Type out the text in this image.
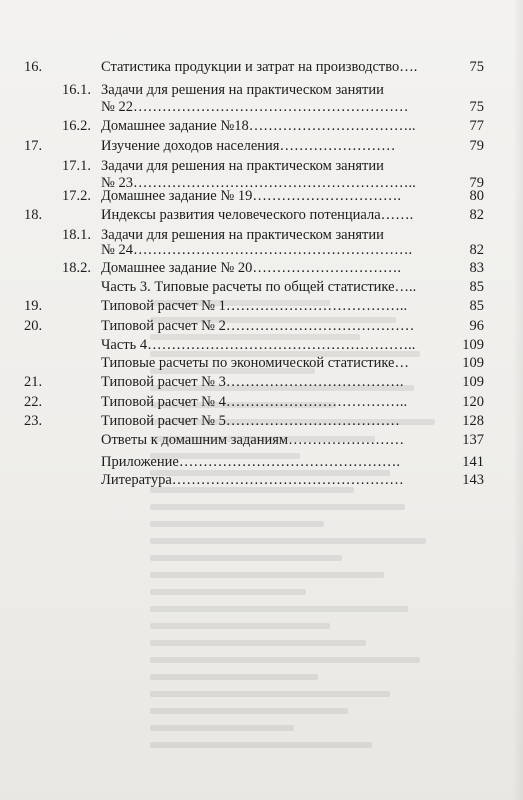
16.	Статистика продукции и затрат на производство….	75
16.1. Задачи для решения на практическом занятии
№ 22…………………………………………………	75
16.2. Домашнее задание №18……………………………..	77
17.	Изучение доходов населения……………………	79
17.1. Задачи для решения на практическом занятии
№ 23…………………………………………………..	79
17.2. Домашнее задание № 19………………………….	80
18.	Индексы развития человеческого потенциала…….	82
18.1. Задачи для решения на практическом занятии
№ 24………………………………………………….	82
18.2. Домашнее задание № 20………………………….	83
Часть 3. Типовые расчеты по общей статистике…..	85
19.	Типовой расчет № 1………………………………..	85
20.	Типовой расчет № 2…………………………………	96
Часть 4………………………………………………..	109
Типовые расчеты по экономической статистике…	109
21.	Типовой расчет № 3……………………………….	109
22.	Типовой расчет № 4………………………………..	120
23.	Типовой расчет № 5………………………………	128
Ответы к домашним заданиям……………………	137
Приложение……………………………………….	141
Литература…………………………………………	143
